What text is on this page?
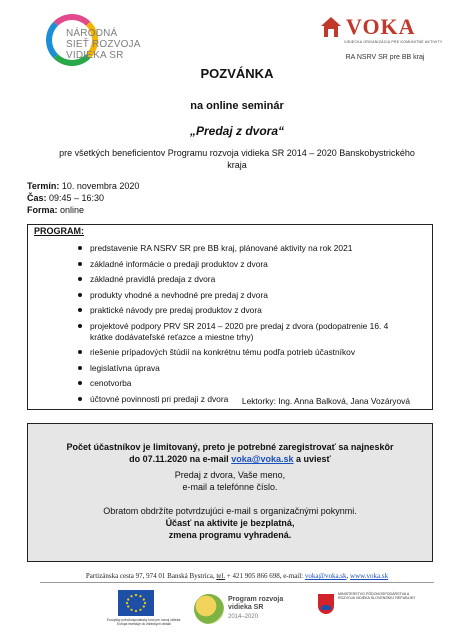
NÁRODNÁ
SIEŤ ROZVOJA
VIDIEKA SR
VOKA
VIDIECKA ORGANIZÁCIA PRE KOMUNITNÉ AKTIVITY
RA NSRV SR pre BB kraj
POZVÁNKA
na online seminár
„Predaj z dvora“
pre všetkých beneficientov Programu rozvoja vidieka SR 2014 – 2020 Banskobystrického kraja
Termín: 10. novembra 2020
Čas: 09:45 – 16:30
Forma: online
PROGRAM:
predstavenie RA NSRV SR pre BB kraj, plánované aktivity na rok 2021
základné informácie o predaji produktov z dvora
základné pravidlá predaja z dvora
produkty vhodné a nevhodné pre predaj z dvora
praktické návody pre predaj produktov z dvora
projektové podpory PRV SR 2014 – 2020 pre predaj z dvora (podopatrenie 16. 4
krátke dodávateľské reťazce a miestne trhy)
riešenie prípadových štúdií na konkrétnu tému podľa potrieb účastníkov
legislatívna úprava
cenotvorba
účtovné povinnosti pri predaji z dvora	Lektorky: Ing. Anna Balková, Jana Vozáryová

Počet účastníkov je limitovaný, preto je potrebné zaregistrovať sa najneskôr

do 07.11.2020 na e-mail voka@voka.sk a uviesť

Predaj z dvora, Vaše meno,

e-mail a telefónne číslo.

Obratom obdržíte potvrdzujúci e-mail s organizačnými pokynmi.

Účasť na aktivite je bezplatná,

zmena programu vyhradená.

Partizánska cesta 97, 974 01 Banská Bystrica, tel. + 421 905 866 698, e-mail: voka@voka.sk, www.voka.sk
Európsky poľnohospodársky fond pre rozvoj vidieka: Európa investuje do vidieckych oblastí
Program rozvoja vidieka SR
2014–2020
MINISTERSTVO PÔDOHOSPODÁRSTVA A ROZVOJA VIDIEKA SLOVENSKEJ REPUBLIKY
